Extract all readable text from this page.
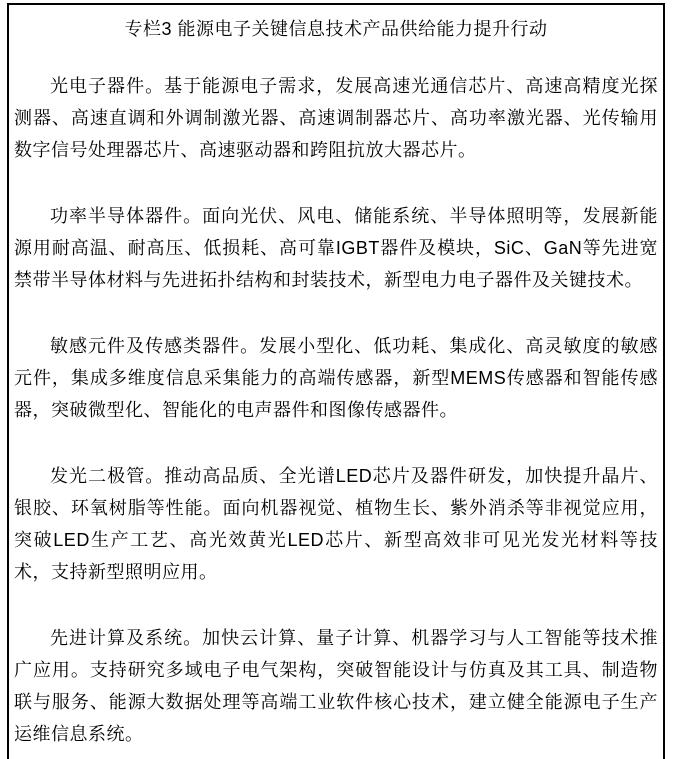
专栏3 能源电子关键信息技术产品供给能力提升行动

光电子器件。基于能源电子需求，发展高速光通信芯片、高速高精度光探测器、高速直调和外调制激光器、高速调制器芯片、高功率激光器、光传输用数字信号处理器芯片、高速驱动器和跨阻抗放大器芯片。

功率半导体器件。面向光伏、风电、储能系统、半导体照明等，发展新能源用耐高温、耐高压、低损耗、高可靠IGBT器件及模块，SiC、GaN等先进宽禁带半导体材料与先进拓扑结构和封装技术，新型电力电子器件及关键技术。

敏感元件及传感类器件。发展小型化、低功耗、集成化、高灵敏度的敏感元件，集成多维度信息采集能力的高端传感器，新型MEMS传感器和智能传感器，突破微型化、智能化的电声器件和图像传感器件。

发光二极管。推动高品质、全光谱LED芯片及器件研发，加快提升晶片、银胶、环氧树脂等性能。面向机器视觉、植物生长、紫外消杀等非视觉应用，突破LED生产工艺、高光效黄光LED芯片、新型高效非可见光发光材料等技术，支持新型照明应用。

先进计算及系统。加快云计算、量子计算、机器学习与人工智能等技术推广应用。支持研究多域电子电气架构，突破智能设计与仿真及其工具、制造物联与服务、能源大数据处理等高端工业软件核心技术，建立健全能源电子生产运维信息系统。
